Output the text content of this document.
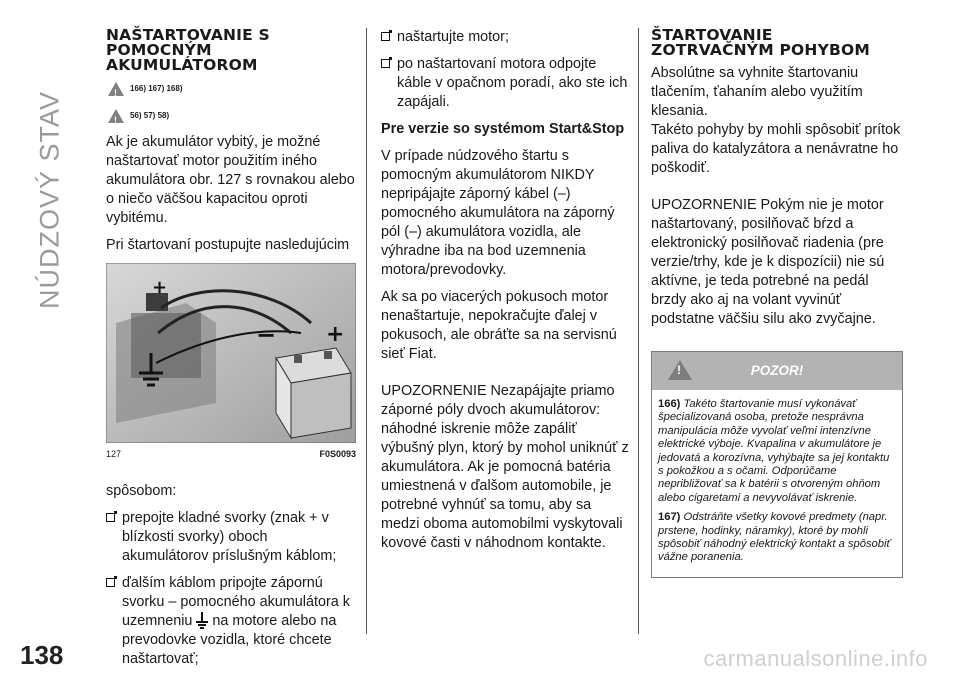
NÚDZOVÝ STAV
138
NAŠTARTOVANIE S
POMOCNÝM
AKUMULÁTOROM
!
166) 167) 168)
!
56) 57) 58)

Ak je akumulátor vybitý, je možné naštartovať motor použitím iného akumulátora obr. 127 s rovnakou alebo o niečo väčšou kapacitou oproti vybitému.

Pri štartovaní postupujte nasledujúcim

+
− +
127	F0S0093

spôsobom:

prepojte kladné svorky (znak + v blízkosti svorky) oboch akumulátorov príslušným káblom;

ďalším káblom pripojte zápornú svorku – pomocného akumulátora k uzemneniu na motore alebo na prevodovke vozidla, ktoré chcete naštartovať;

naštartujte motor;

po naštartovaní motora odpojte káble v opačnom poradí, ako ste ich zapájali.

Pre verzie so systémom Start&Stop

V prípade núdzového štartu s pomocným akumulátorom NIKDY nepripájajte záporný kábel (–) pomocného akumulátora na záporný pól (–) akumulátora vozidla, ale výhradne iba na bod uzemnenia motora/prevodovky.

Ak sa po viacerých pokusoch motor nenaštartuje, nepokračujte ďalej v pokusoch, ale obráťte sa na servisnú sieť Fiat.

UPOZORNENIE Nezapájajte priamo záporné póly dvoch akumulátorov: náhodné iskrenie môže zapáliť výbušný plyn, ktorý by mohol uniknúť z akumulátora. Ak je pomocná batéria umiestnená v ďalšom automobile, je potrebné vyhnúť sa tomu, aby sa medzi oboma automobilmi vyskytovali kovové časti v náhodnom kontakte.

ŠTARTOVANIE
ZOTRVAČNÝM POHYBOM

Absolútne sa vyhnite štartovaniu tlačením, ťahaním alebo využitím klesania.

Takéto pohyby by mohli spôsobiť prítok paliva do katalyzátora a nenávratne ho poškodiť.

UPOZORNENIE Pokým nie je motor naštartovaný, posilňovač bŕzd a elektronický posilňovač riadenia (pre verzie/trhy, kde je k dispozícii) nie sú aktívne, je teda potrebné na pedál brzdy ako aj na volant vyvinúť podstatne väčšiu silu ako zvyčajne.

!
POZOR!

166) Takéto štartovanie musí vykonávať špecializovaná osoba, pretože nesprávna manipulácia môže vyvolať veľmi intenzívne elektrické výboje. Kvapalina v akumulátore je jedovatá a korozívna, vyhýbajte sa jej kontaktu s pokožkou a s očami. Odporúčame nepribližovať sa k batérii s otvoreným ohňom alebo cigaretami a nevyvolávať iskrenie.

167) Odstráňte všetky kovové predmety (napr. prstene, hodinky, náramky), ktoré by mohli spôsobiť náhodný elektrický kontakt a spôsobiť vážne poranenia.

carmanualsonline.info
